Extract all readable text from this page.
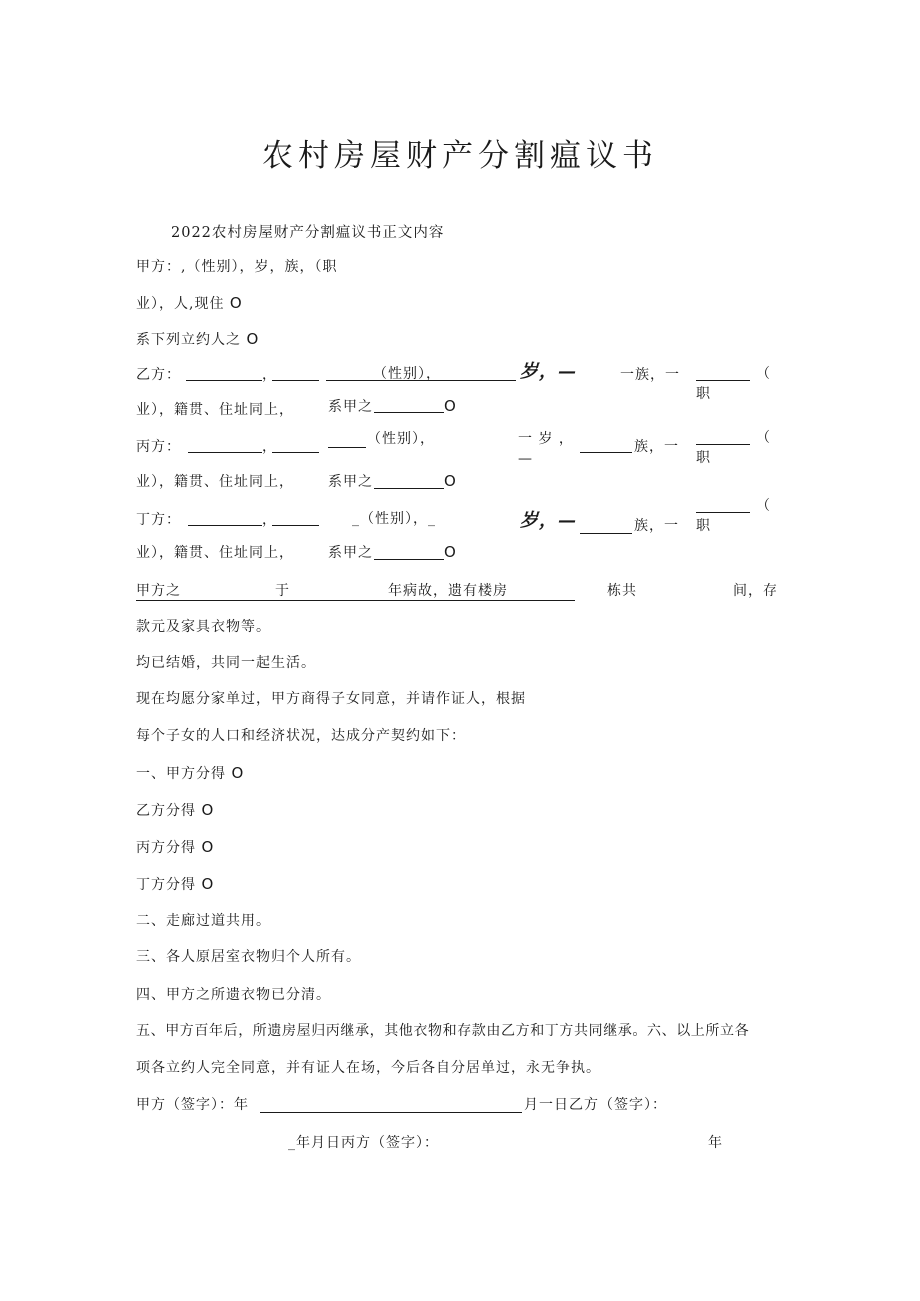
农村房屋财产分割瘟议书
2022农村房屋财产分割瘟议书正文内容
甲方：,（性别），岁，族，（职
业），人,现住 O
系下列立约人之 O
乙方：	，	（性别），	岁，—	一族，一	（
职
业），籍贯、住址同上， 系甲之	O
丙方：	，	（性别），	一 岁 ，
—
族，一
（
职
业），籍贯、住址同上， 系甲之	O
丁方：	，	_（性别），_	岁，—	族，一
（
职
业），籍贯、住址同上， 系甲之	O
甲方之	于	年病故，遗有楼房	栋共	间，存
款元及家具衣物等。
均已结婚，共同一起生活。
现在均愿分家单过，甲方商得子女同意，并请作证人，根据
每个子女的人口和经济状况，达成分产契约如下：
一、甲方分得 O
乙方分得 O
丙方分得 O
丁方分得 O
二、走廊过道共用。
三、各人原居室衣物归个人所有。
四、甲方之所遗衣物已分清。
五、甲方百年后，所遗房屋归丙继承，其他衣物和存款由乙方和丁方共同继承。六、以上所立各
项各立约人完全同意，并有证人在场，今后各自分居单过，永无争执。
甲方（签字）：年	月一日乙方（签字）：
_年月日丙方（签字）：	年
